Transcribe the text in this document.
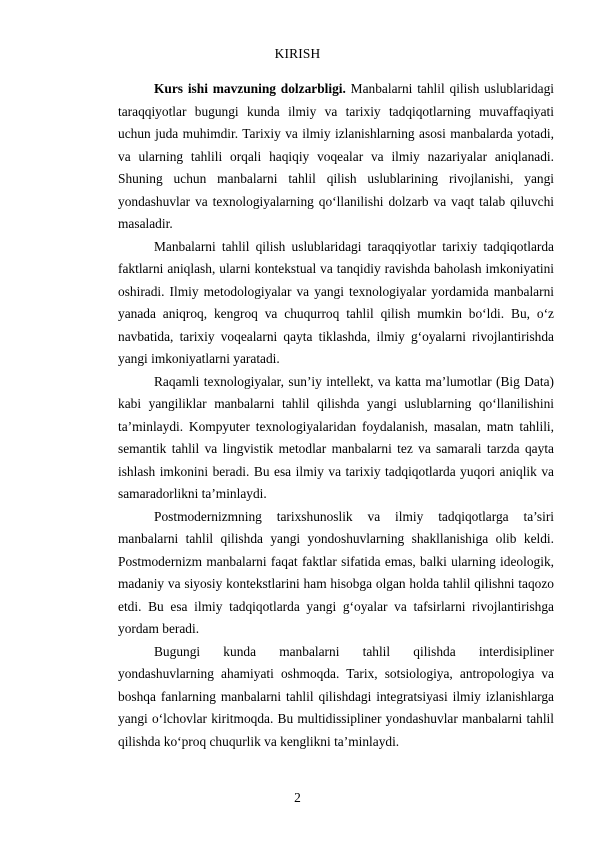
KIRISH

Kurs ishi mavzuning dolzarbligi. Manbalarni tahlil qilish uslublaridagi taraqqiyotlar bugungi kunda ilmiy va tarixiy tadqiqotlarning muvaffaqiyati uchun juda muhimdir. Tarixiy va ilmiy izlanishlarning asosi manbalarda yotadi, va ularning tahlili orqali haqiqiy voqealar va ilmiy nazariyalar aniqlanadi. Shuning uchun manbalarni tahlil qilish uslublarining rivojlanishi, yangi yondashuvlar va texnologiyalarning qo‘llanilishi dolzarb va vaqt talab qiluvchi masaladir.

Manbalarni tahlil qilish uslublaridagi taraqqiyotlar tarixiy tadqiqotlarda faktlarni aniqlash, ularni kontekstual va tanqidiy ravishda baholash imkoniyatini oshiradi. Ilmiy metodologiyalar va yangi texnologiyalar yordamida manbalarni yanada aniqroq, kengroq va chuqurroq tahlil qilish mumkin bo‘ldi. Bu, o‘z navbatida, tarixiy voqealarni qayta tiklashda, ilmiy g‘oyalarni rivojlantirishda yangi imkoniyatlarni yaratadi.

Raqamli texnologiyalar, sun’iy intellekt, va katta ma’lumotlar (Big Data) kabi yangiliklar manbalarni tahlil qilishda yangi uslublarning qo‘llanilishini ta’minlaydi. Kompyuter texnologiyalaridan foydalanish, masalan, matn tahlili, semantik tahlil va lingvistik metodlar manbalarni tez va samarali tarzda qayta ishlash imkonini beradi. Bu esa ilmiy va tarixiy tadqiqotlarda yuqori aniqlik va samaradorlikni ta’minlaydi.

Postmodernizmning tarixshunoslik va ilmiy tadqiqotlarga ta’siri manbalarni tahlil qilishda yangi yondoshuvlarning shakllanishiga olib keldi. Postmodernizm manbalarni faqat faktlar sifatida emas, balki ularning ideologik, madaniy va siyosiy kontekstlarini ham hisobga olgan holda tahlil qilishni taqozo etdi. Bu esa ilmiy tadqiqotlarda yangi g‘oyalar va tafsirlarni rivojlantirishga yordam beradi.

Bugungi kunda manbalarni tahlil qilishda interdisipliner yondashuvlarning ahamiyati oshmoqda. Tarix, sotsiologiya, antropologiya va boshqa fanlarning manbalarni tahlil qilishdagi integratsiyasi ilmiy izlanishlarga yangi o‘lchovlar kiritmoqda. Bu multidissipliner yondashuvlar manbalarni tahlil qilishda ko‘proq chuqurlik va kenglikni ta’minlaydi.

2
